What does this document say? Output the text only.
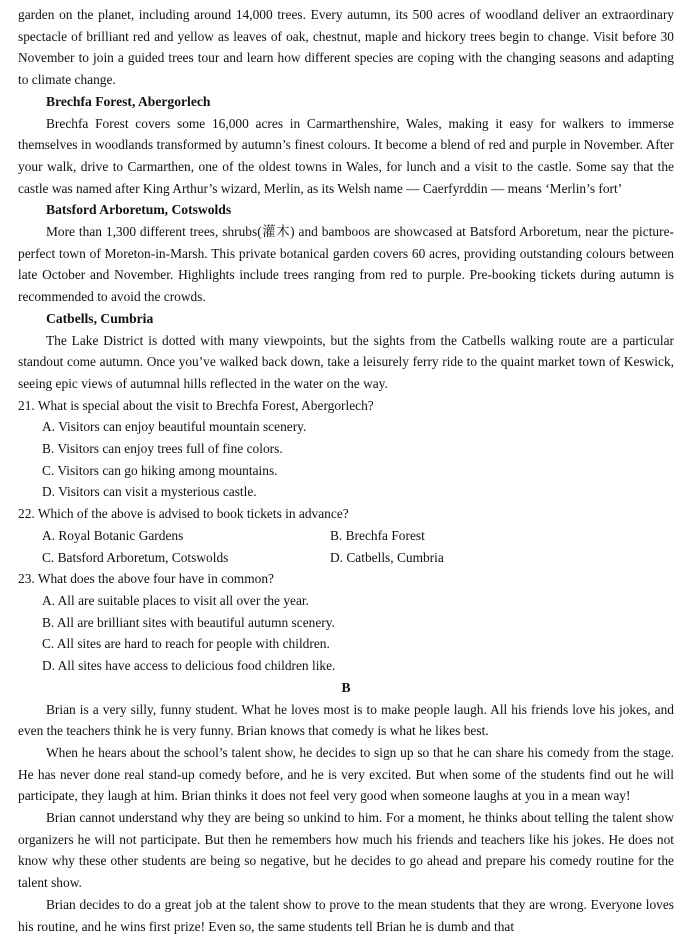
garden on the planet, including around 14,000 trees. Every autumn, its 500 acres of woodland deliver an extraordinary spectacle of brilliant red and yellow as leaves of oak, chestnut, maple and hickory trees begin to change. Visit before 30 November to join a guided trees tour and learn how different species are coping with the changing seasons and adapting to climate change.

Brechfa Forest, Abergorlech

Brechfa Forest covers some 16,000 acres in Carmarthenshire, Wales, making it easy for walkers to immerse themselves in woodlands transformed by autumn’s finest colours. It become a blend of red and purple in November. After your walk, drive to Carmarthen, one of the oldest towns in Wales, for lunch and a visit to the castle. Some say that the castle was named after King Arthur’s wizard, Merlin, as its Welsh name — Caerfyrddin — means ‘Merlin’s fort’

Batsford Arboretum, Cotswolds

More than 1,300 different trees, shrubs(灌木) and bamboos are showcased at Batsford Arboretum, near the picture-perfect town of Moreton-in-Marsh. This private botanical garden covers 60 acres, providing outstanding colours between late October and November. Highlights include trees ranging from red to purple. Pre-booking tickets during autumn is recommended to avoid the crowds.

Catbells, Cumbria

The Lake District is dotted with many viewpoints, but the sights from the Catbells walking route are a particular standout come autumn. Once you’ve walked back down, take a leisurely ferry ride to the quaint market town of Keswick, seeing epic views of autumnal hills reflected in the water on the way.

21. What is special about the visit to Brechfa Forest, Abergorlech?

A. Visitors can enjoy beautiful mountain scenery.

B. Visitors can enjoy trees full of fine colors.

C. Visitors can go hiking among mountains.

D. Visitors can visit a mysterious castle.

22. Which of the above is advised to book tickets in advance?

A. Royal Botanic Gardens	B. Brechfa Forest
C. Batsford Arboretum, Cotswolds	D. Catbells, Cumbria

23. What does the above four have in common?

A. All are suitable places to visit all over the year.

B. All are brilliant sites with beautiful autumn scenery.

C. All sites are hard to reach for people with children.

D. All sites have access to delicious food children like.

B

Brian is a very silly, funny student. What he loves most is to make people laugh. All his friends love his jokes, and even the teachers think he is very funny. Brian knows that comedy is what he likes best.

When he hears about the school’s talent show, he decides to sign up so that he can share his comedy from the stage. He has never done real stand-up comedy before, and he is very excited. But when some of the students find out he will participate, they laugh at him. Brian thinks it does not feel very good when someone laughs at you in a mean way!

Brian cannot understand why they are being so unkind to him. For a moment, he thinks about telling the talent show organizers he will not participate. But then he remembers how much his friends and teachers like his jokes. He does not know why these other students are being so negative, but he decides to go ahead and prepare his comedy routine for the talent show.

Brian decides to do a great job at the talent show to prove to the mean students that they are wrong. Everyone loves his routine, and he wins first prize! Even so, the same students tell Brian he is dumb and that
